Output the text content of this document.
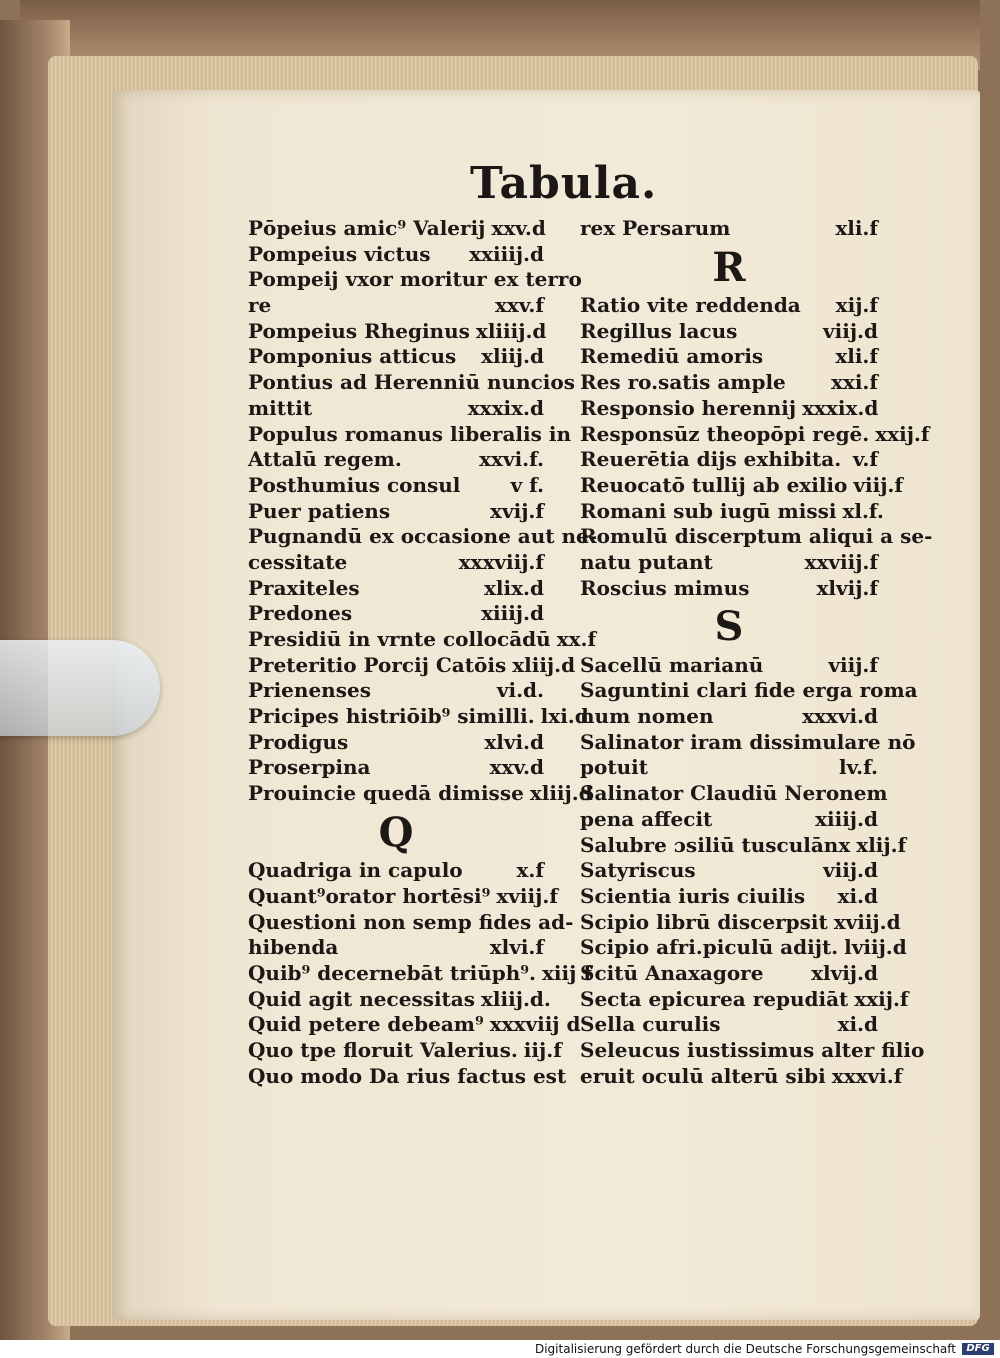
Tabula.
Pōpeius amic⁹ Valerij xxv.d
Pompeius victus	xxiiij.d
Pompeij vxor moritur ex terro
re	xxv.f
Pompeius Rheginus xliiij.d
Pomponius atticus	xliij.d
Pontius ad Herenniū nuncios
mittit	xxxix.d
Populus romanus liberalis in
Attalū regem.	xxvi.f.
Posthumius consul	v f.
Puer patiens	xvij.f
Pugnandū ex occasione aut ne-
cessitate	xxxviij.f
Praxiteles	xlix.d
Predones	xiiij.d
Presidiū in vrnte collocādū xx.f
Preteritio Porcij Catōis xliij.d
Prienenses	vi.d.
Pricipes histriōib⁹ similli. lxi.d
Prodigus	xlvi.d
Proserpina	xxv.d
Prouincie quedā dimisse xliij.d
Q
Quadriga in capulo	x.f
Quant⁹orator hortēsi⁹ xviij.f
Questioni non semp fides ad-
hibenda	xlvi.f
Quib⁹ decernebāt triūph⁹. xiij f
Quid agit necessitas xliij.d.
Quid petere debeam⁹ xxxviij d
Quo tpe floruit Valerius. iij.f
Quo modo Da rius factus est
rex Persarum	xli.f
R
Ratio vite reddenda	xij.f
Regillus lacus	viij.d
Remediū amoris	xli.f
Res ro.satis ample	xxi.f
Responsio herennij xxxix.d
Responsūz theopōpi regē. xxij.f
Reuerētia dijs exhibita. v.f
Reuocatō tullij ab exilio viij.f
Romani sub iugū missi xl.f.
Romulū discerptum aliqui a se-
natu putant	xxviij.f
Roscius mimus	xlvij.f
S
Sacellū marianū	viij.f
Saguntini clari fide erga roma
num nomen	xxxvi.d
Salinator iram dissimulare nō
potuit	lv.f.
Salinator Claudiū Neronem
pena affecit	xiiij.d
Salubre ɔsiliū tusculānx xlij.f
Satyriscus	viij.d
Scientia iuris ciuilis	xi.d
Scipio librū discerpsit xviij.d
Scipio afri.piculū adijt. lviij.d
Scitū Anaxagore	xlvij.d
Secta epicurea repudiāt xxij.f
Sella curulis	xi.d
Seleucus iustissimus alter filio
eruit oculū alterū sibi xxxvi.f
Digitalisierung gefördert durch die Deutsche Forschungsgemeinschaft	DFG
